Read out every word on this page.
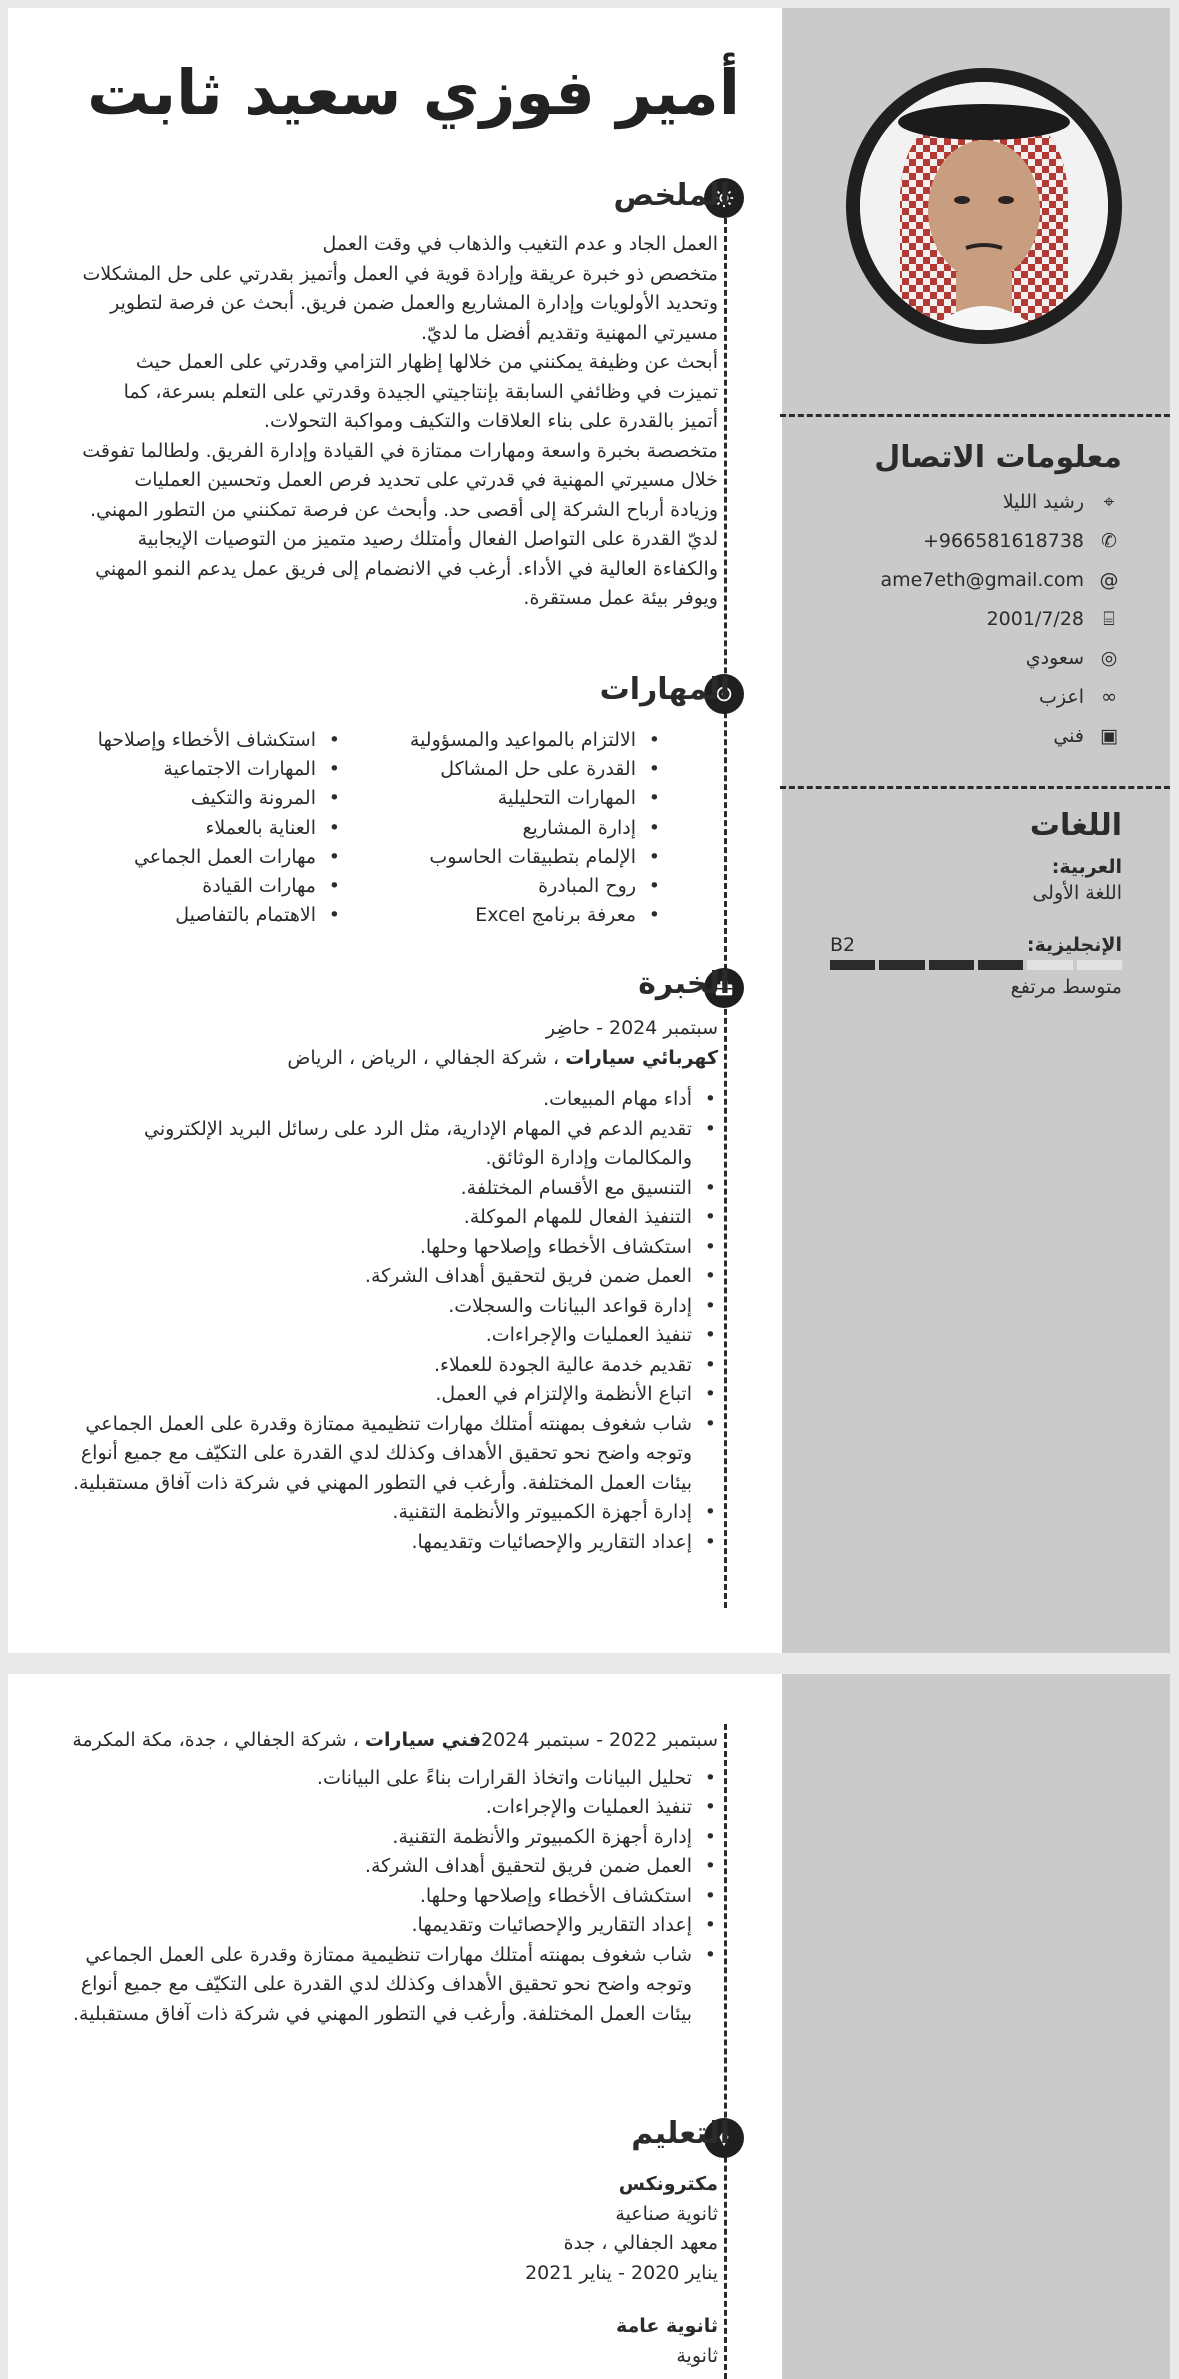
أمير فوزي سعيد ثابت
الملخص

العمل الجاد و عدم التغيب والذهاب في وقت العمل

متخصص ذو خبرة عريقة وإرادة قوية في العمل وأتميز بقدرتي على حل المشكلات وتحديد الأولويات وإدارة المشاريع والعمل ضمن فريق. أبحث عن فرصة لتطوير مسيرتي المهنية وتقديم أفضل ما لديّ.

أبحث عن وظيفة يمكنني من خلالها إظهار التزامي وقدرتي على العمل حيث تميزت في وظائفي السابقة بإنتاجيتي الجيدة وقدرتي على التعلم بسرعة، كما أتميز بالقدرة على بناء العلاقات والتكيف ومواكبة التحولات.

متخصصة بخبرة واسعة ومهارات ممتازة في القيادة وإدارة الفريق. ولطالما تفوقت خلال مسيرتي المهنية في قدرتي على تحديد فرص العمل وتحسين العمليات وزيادة أرباح الشركة إلى أقصى حد. وأبحث عن فرصة تمكنني من التطور المهني.

لديّ القدرة على التواصل الفعال وأمتلك رصيد متميز من التوصيات الإيجابية والكفاءة العالية في الأداء. أرغب في الانضمام إلى فريق عمل يدعم النمو المهني ويوفر بيئة عمل مستقرة.

المهارات
• الالتزام بالمواعيد والمسؤولية
• القدرة على حل المشاكل
• المهارات التحليلية
• إدارة المشاريع
• الإلمام بتطبيقات الحاسوب
• روح المبادرة
• معرفة برنامج Excel
• استكشاف الأخطاء وإصلاحها
• المهارات الاجتماعية
• المرونة والتكيف
• العناية بالعملاء
• مهارات العمل الجماعي
• مهارات القيادة
• الاهتمام بالتفاصيل
الخبرة

سبتمبر 2024 - حاضِر

كهربائي سيارات ، شركة الجفالي ، الرياض ، الرياض

• أداء مهام المبيعات.
• تقديم الدعم في المهام الإدارية، مثل الرد على رسائل البريد الإلكتروني والمكالمات وإدارة الوثائق.
• التنسيق مع الأقسام المختلفة.
• التنفيذ الفعال للمهام الموكلة.
• استكشاف الأخطاء وإصلاحها وحلها.
• العمل ضمن فريق لتحقيق أهداف الشركة.
• إدارة قواعد البيانات والسجلات.
• تنفيذ العمليات والإجراءات.
• تقديم خدمة عالية الجودة للعملاء.
• اتباع الأنظمة والإلتزام في العمل.
• شاب شغوف بمهنته أمتلك مهارات تنظيمية ممتازة وقدرة على العمل الجماعي وتوجه واضح نحو تحقيق الأهداف وكذلك لدي القدرة على التكيّف مع جميع أنواع بيئات العمل المختلفة. وأرغب في التطور المهني في شركة ذات آفاق مستقبلية.
• إدارة أجهزة الكمبيوتر والأنظمة التقنية.
• إعداد التقارير والإحصائيات وتقديمها.
معلومات الاتصال
⌖
رشيد الليلا
✆
+966581618738
@
ame7eth@gmail.com
⌸
2001/7/28
◎
سعودي
∞
اعزب
▣
فني
اللغات
العربية:
اللغة الأولى
الإنجليزية:
B2
متوسط مرتفع

سبتمبر 2022 - سبتمبر 2024فني سيارات ، شركة الجفالي ، جدة، مكة المكرمة

• تحليل البيانات واتخاذ القرارات بناءً على البيانات.
• تنفيذ العمليات والإجراءات.
• إدارة أجهزة الكمبيوتر والأنظمة التقنية.
• العمل ضمن فريق لتحقيق أهداف الشركة.
• استكشاف الأخطاء وإصلاحها وحلها.
• إعداد التقارير والإحصائيات وتقديمها.
• شاب شغوف بمهنته أمتلك مهارات تنظيمية ممتازة وقدرة على العمل الجماعي وتوجه واضح نحو تحقيق الأهداف وكذلك لدي القدرة على التكيّف مع جميع أنواع بيئات العمل المختلفة. وأرغب في التطور المهني في شركة ذات آفاق مستقبلية.
التعليم

مكترونكس

ثانوية صناعية

معهد الجفالي ، جدة

يناير 2020 - يناير 2021

ثانوية عامة

ثانوية
